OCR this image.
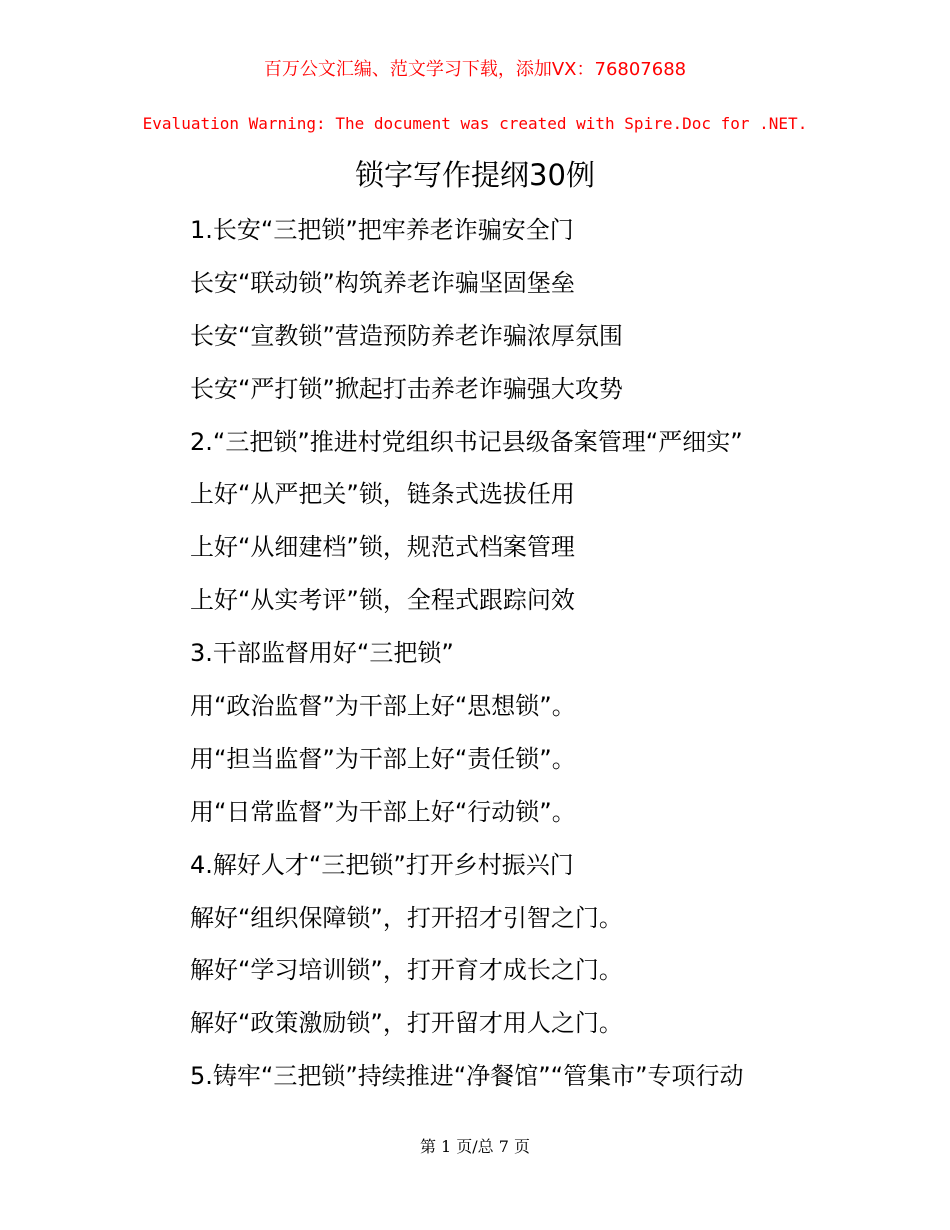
百万公文汇编、范文学习下载，添加VX：76807688
Evaluation Warning: The document was created with Spire.Doc for .NET.
锁字写作提纲30例
1.长安“三把锁”把牢养老诈骗安全门
长安“联动锁”构筑养老诈骗坚固堡垒
长安“宣教锁”营造预防养老诈骗浓厚氛围
长安“严打锁”掀起打击养老诈骗强大攻势
2.“三把锁”推进村党组织书记县级备案管理“严细实”
上好“从严把关”锁，链条式选拔任用
上好“从细建档”锁，规范式档案管理
上好“从实考评”锁，全程式跟踪问效
3.干部监督用好“三把锁”
用“政治监督”为干部上好“思想锁”。
用“担当监督”为干部上好“责任锁”。
用“日常监督”为干部上好“行动锁”。
4.解好人才“三把锁”打开乡村振兴门
解好“组织保障锁”，打开招才引智之门。
解好“学习培训锁”，打开育才成长之门。
解好“政策激励锁”，打开留才用人之门。
5.铸牢“三把锁”持续推进“净餐馆”“管集市”专项行动
第 1 页/总 7 页
